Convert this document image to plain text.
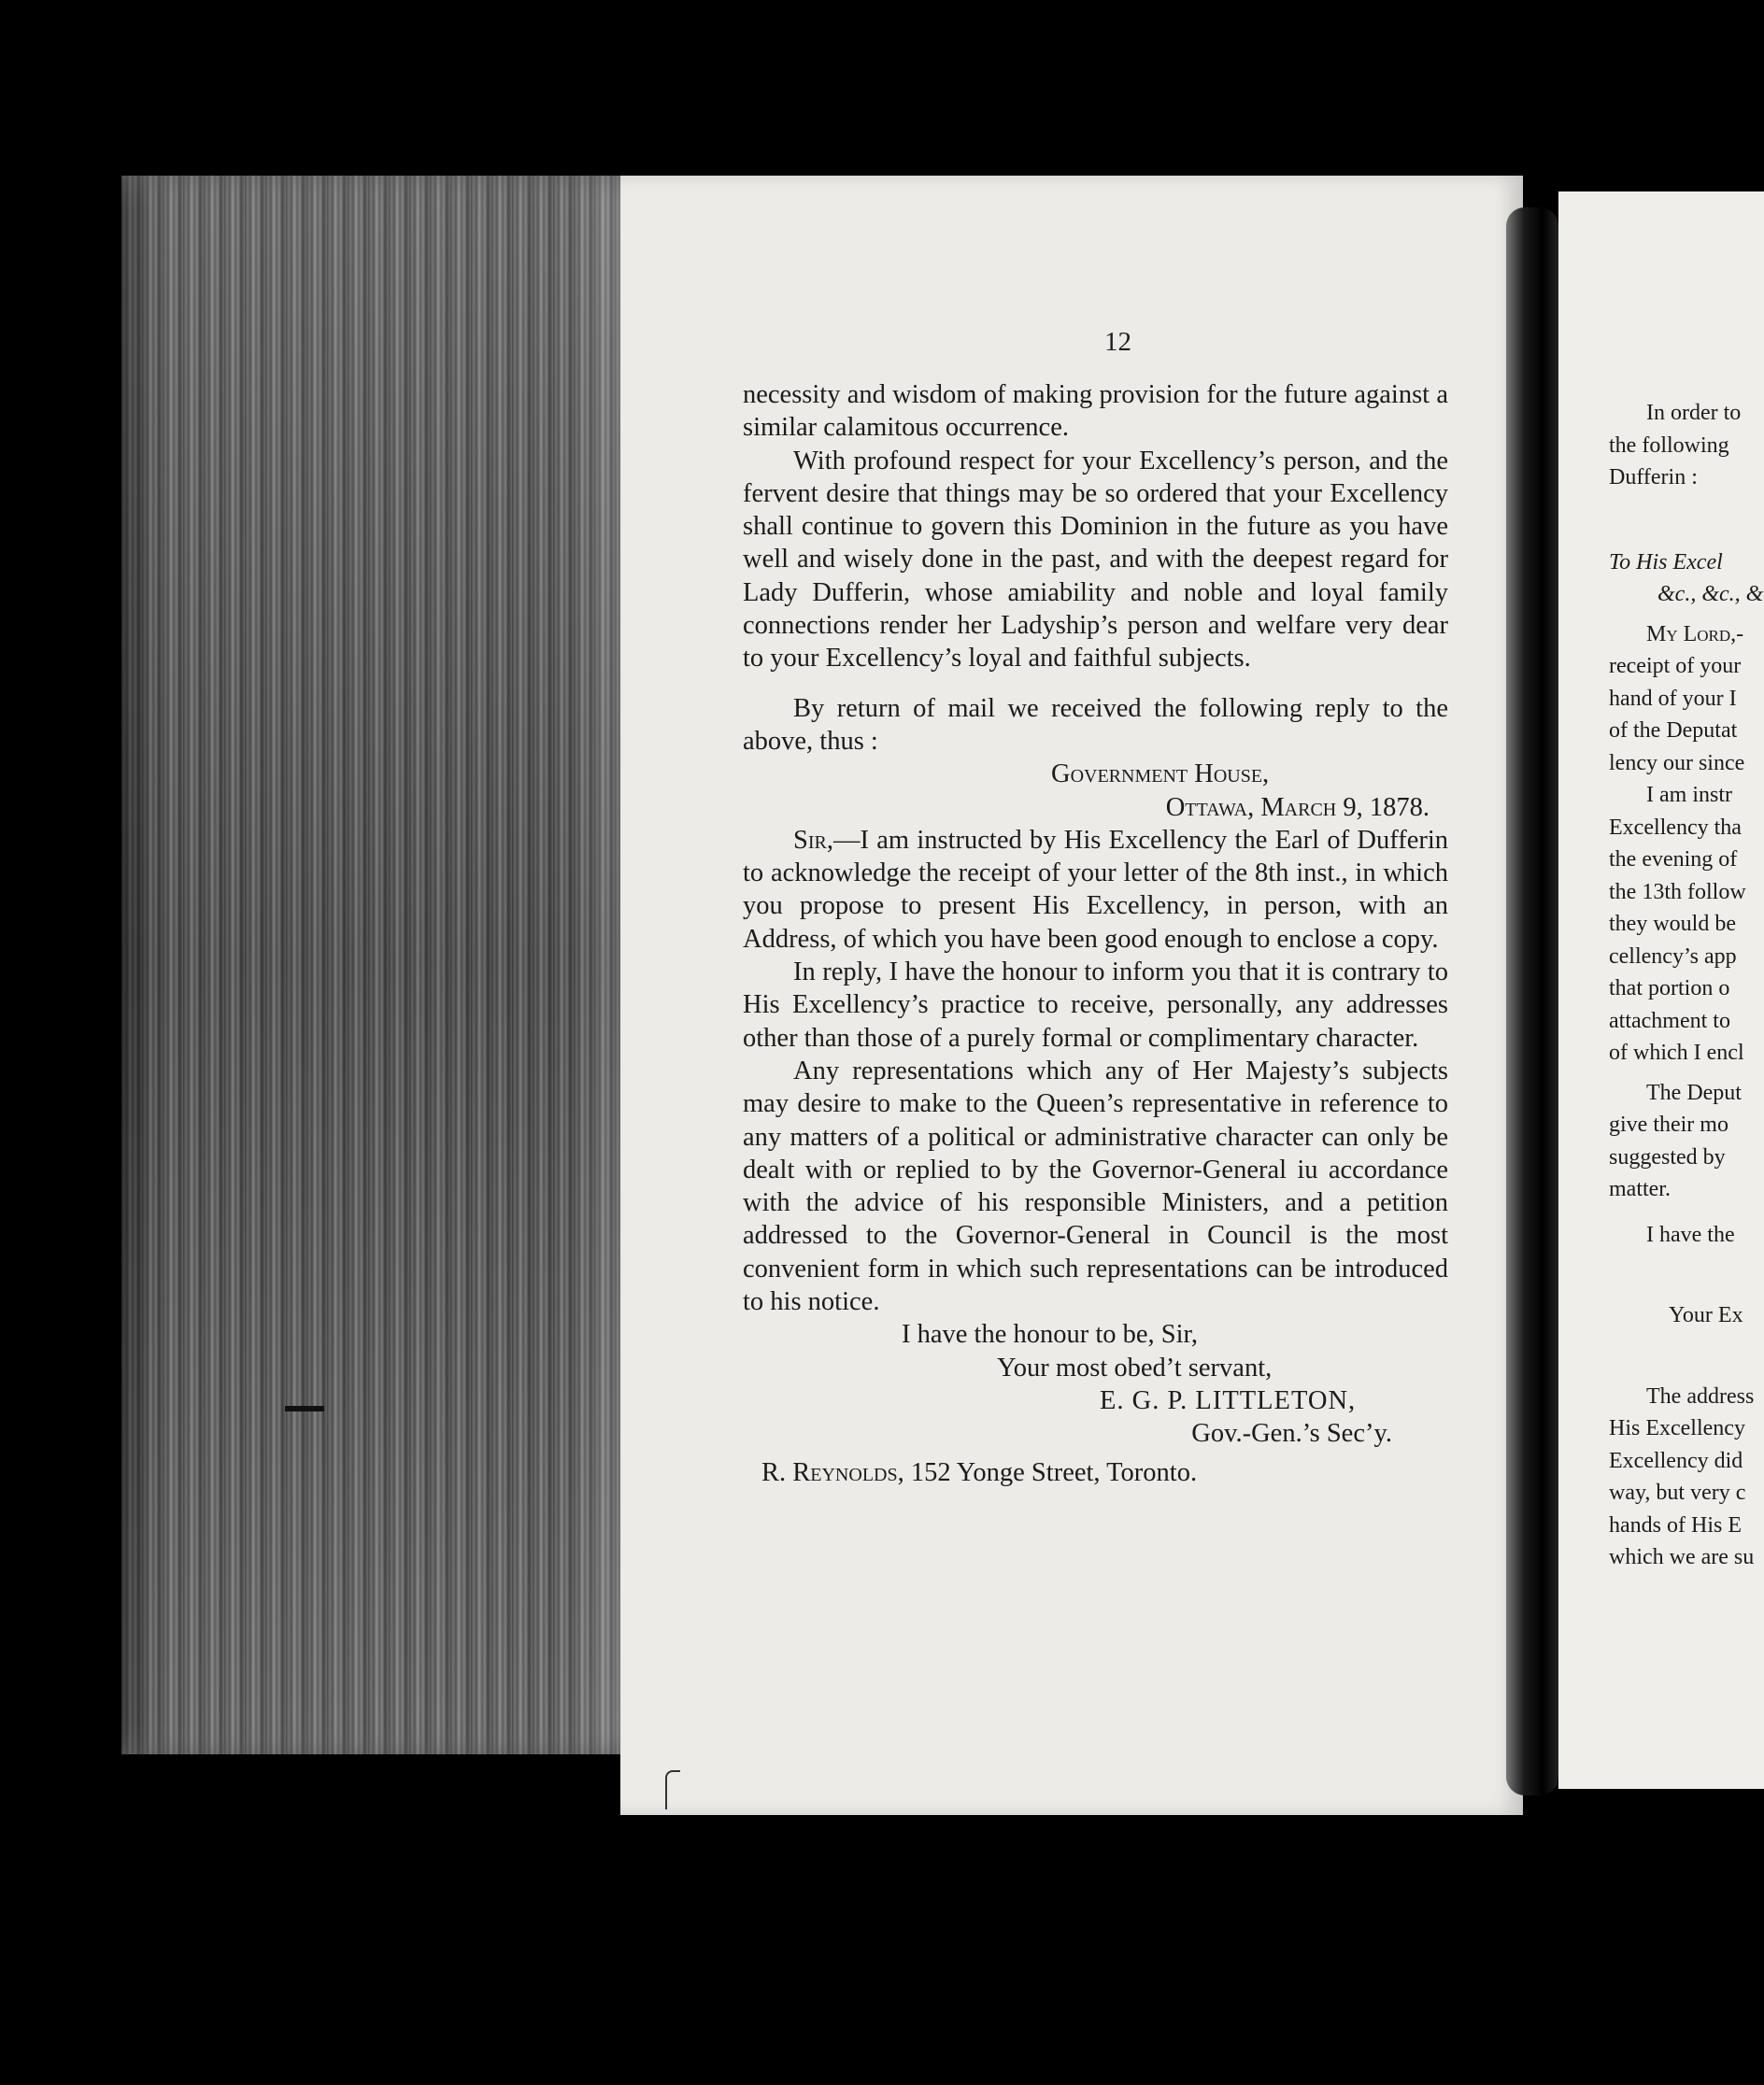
12

necessity and wisdom of making provision for the future against a similar calamitous occurrence.

With profound respect for your Excellency’s person, and the fervent desire that things may be so ordered that your Excellency shall continue to govern this Dominion in the future as you have well and wisely done in the past, and with the deepest regard for Lady Dufferin, whose amiability and noble and loyal family connections render her Ladyship’s person and welfare very dear to your Excellency’s loyal and faithful subjects.

By return of mail we received the following reply to the above, thus :

Government House,

Ottawa, March 9, 1878.

Sir,—I am instructed by His Excellency the Earl of Dufferin to acknowledge the receipt of your letter of the 8th inst., in which you propose to present His Excellency, in person, with an Address, of which you have been good enough to enclose a copy.

In reply, I have the honour to inform you that it is contrary to His Excellency’s practice to receive, personally, any addresses other than those of a purely formal or complimentary character.

Any representations which any of Her Majesty’s subjects may desire to make to the Queen’s representative in reference to any matters of a political or administrative character can only be dealt with or replied to by the Governor-General iu accordance with the advice of his responsible Ministers, and a petition addressed to the Governor-General in Council is the most convenient form in which such representations can be introduced to his notice.

I have the honour to be, Sir,

Your most obed’t servant,

E. G. P. LITTLETON,

Gov.-Gen.’s Sec’y.

R. Reynolds, 152 Yonge Street, Toronto.

In order to
the following
Dufferin :
To His Excel
&c., &c., &
My Lord,-
receipt of your
hand of your I
of the Deputat
lency our since
I am instr
Excellency tha
the evening of
the 13th follow
they would be
cellency’s app
that portion o
attachment to
of which I encl
The Deput
give their mo
suggested by
matter.
I have the
Your Ex
The address
His Excellency
Excellency did
way, but very c
hands of His E
which we are su
